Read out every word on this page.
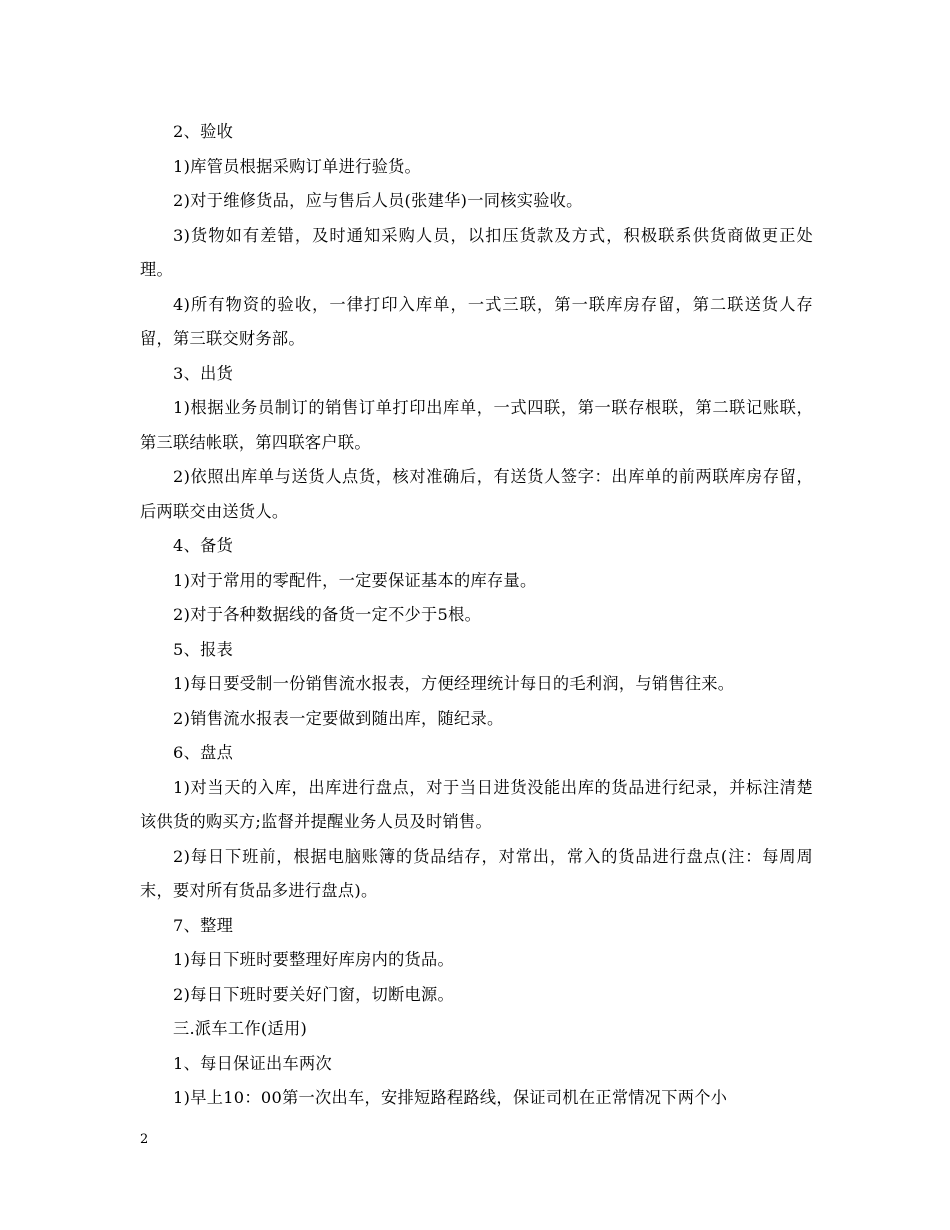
2、验收

1)库管员根据采购订单进行验货。

2)对于维修货品，应与售后人员(张建华)一同核实验收。

3)货物如有差错，及时通知采购人员，以扣压货款及方式，积极联系供货商做更正处理。

4)所有物资的验收，一律打印入库单，一式三联，第一联库房存留，第二联送货人存留，第三联交财务部。

3、出货

1)根据业务员制订的销售订单打印出库单，一式四联，第一联存根联，第二联记账联，第三联结帐联，第四联客户联。

2)依照出库单与送货人点货，核对准确后，有送货人签字：出库单的前两联库房存留，后两联交由送货人。

4、备货

1)对于常用的零配件，一定要保证基本的库存量。

2)对于各种数据线的备货一定不少于5根。

5、报表

1)每日要受制一份销售流水报表，方便经理统计每日的毛利润，与销售往来。

2)销售流水报表一定要做到随出库，随纪录。

6、盘点

1)对当天的入库，出库进行盘点，对于当日进货没能出库的货品进行纪录，并标注清楚该供货的购买方;监督并提醒业务人员及时销售。

2)每日下班前，根据电脑账簿的货品结存，对常出，常入的货品进行盘点(注：每周周末，要对所有货品多进行盘点)。

7、整理

1)每日下班时要整理好库房内的货品。

2)每日下班时要关好门窗，切断电源。

三.派车工作(适用)

1、每日保证出车两次

1)早上10：00第一次出车，安排短路程路线，保证司机在正常情况下两个小

2
